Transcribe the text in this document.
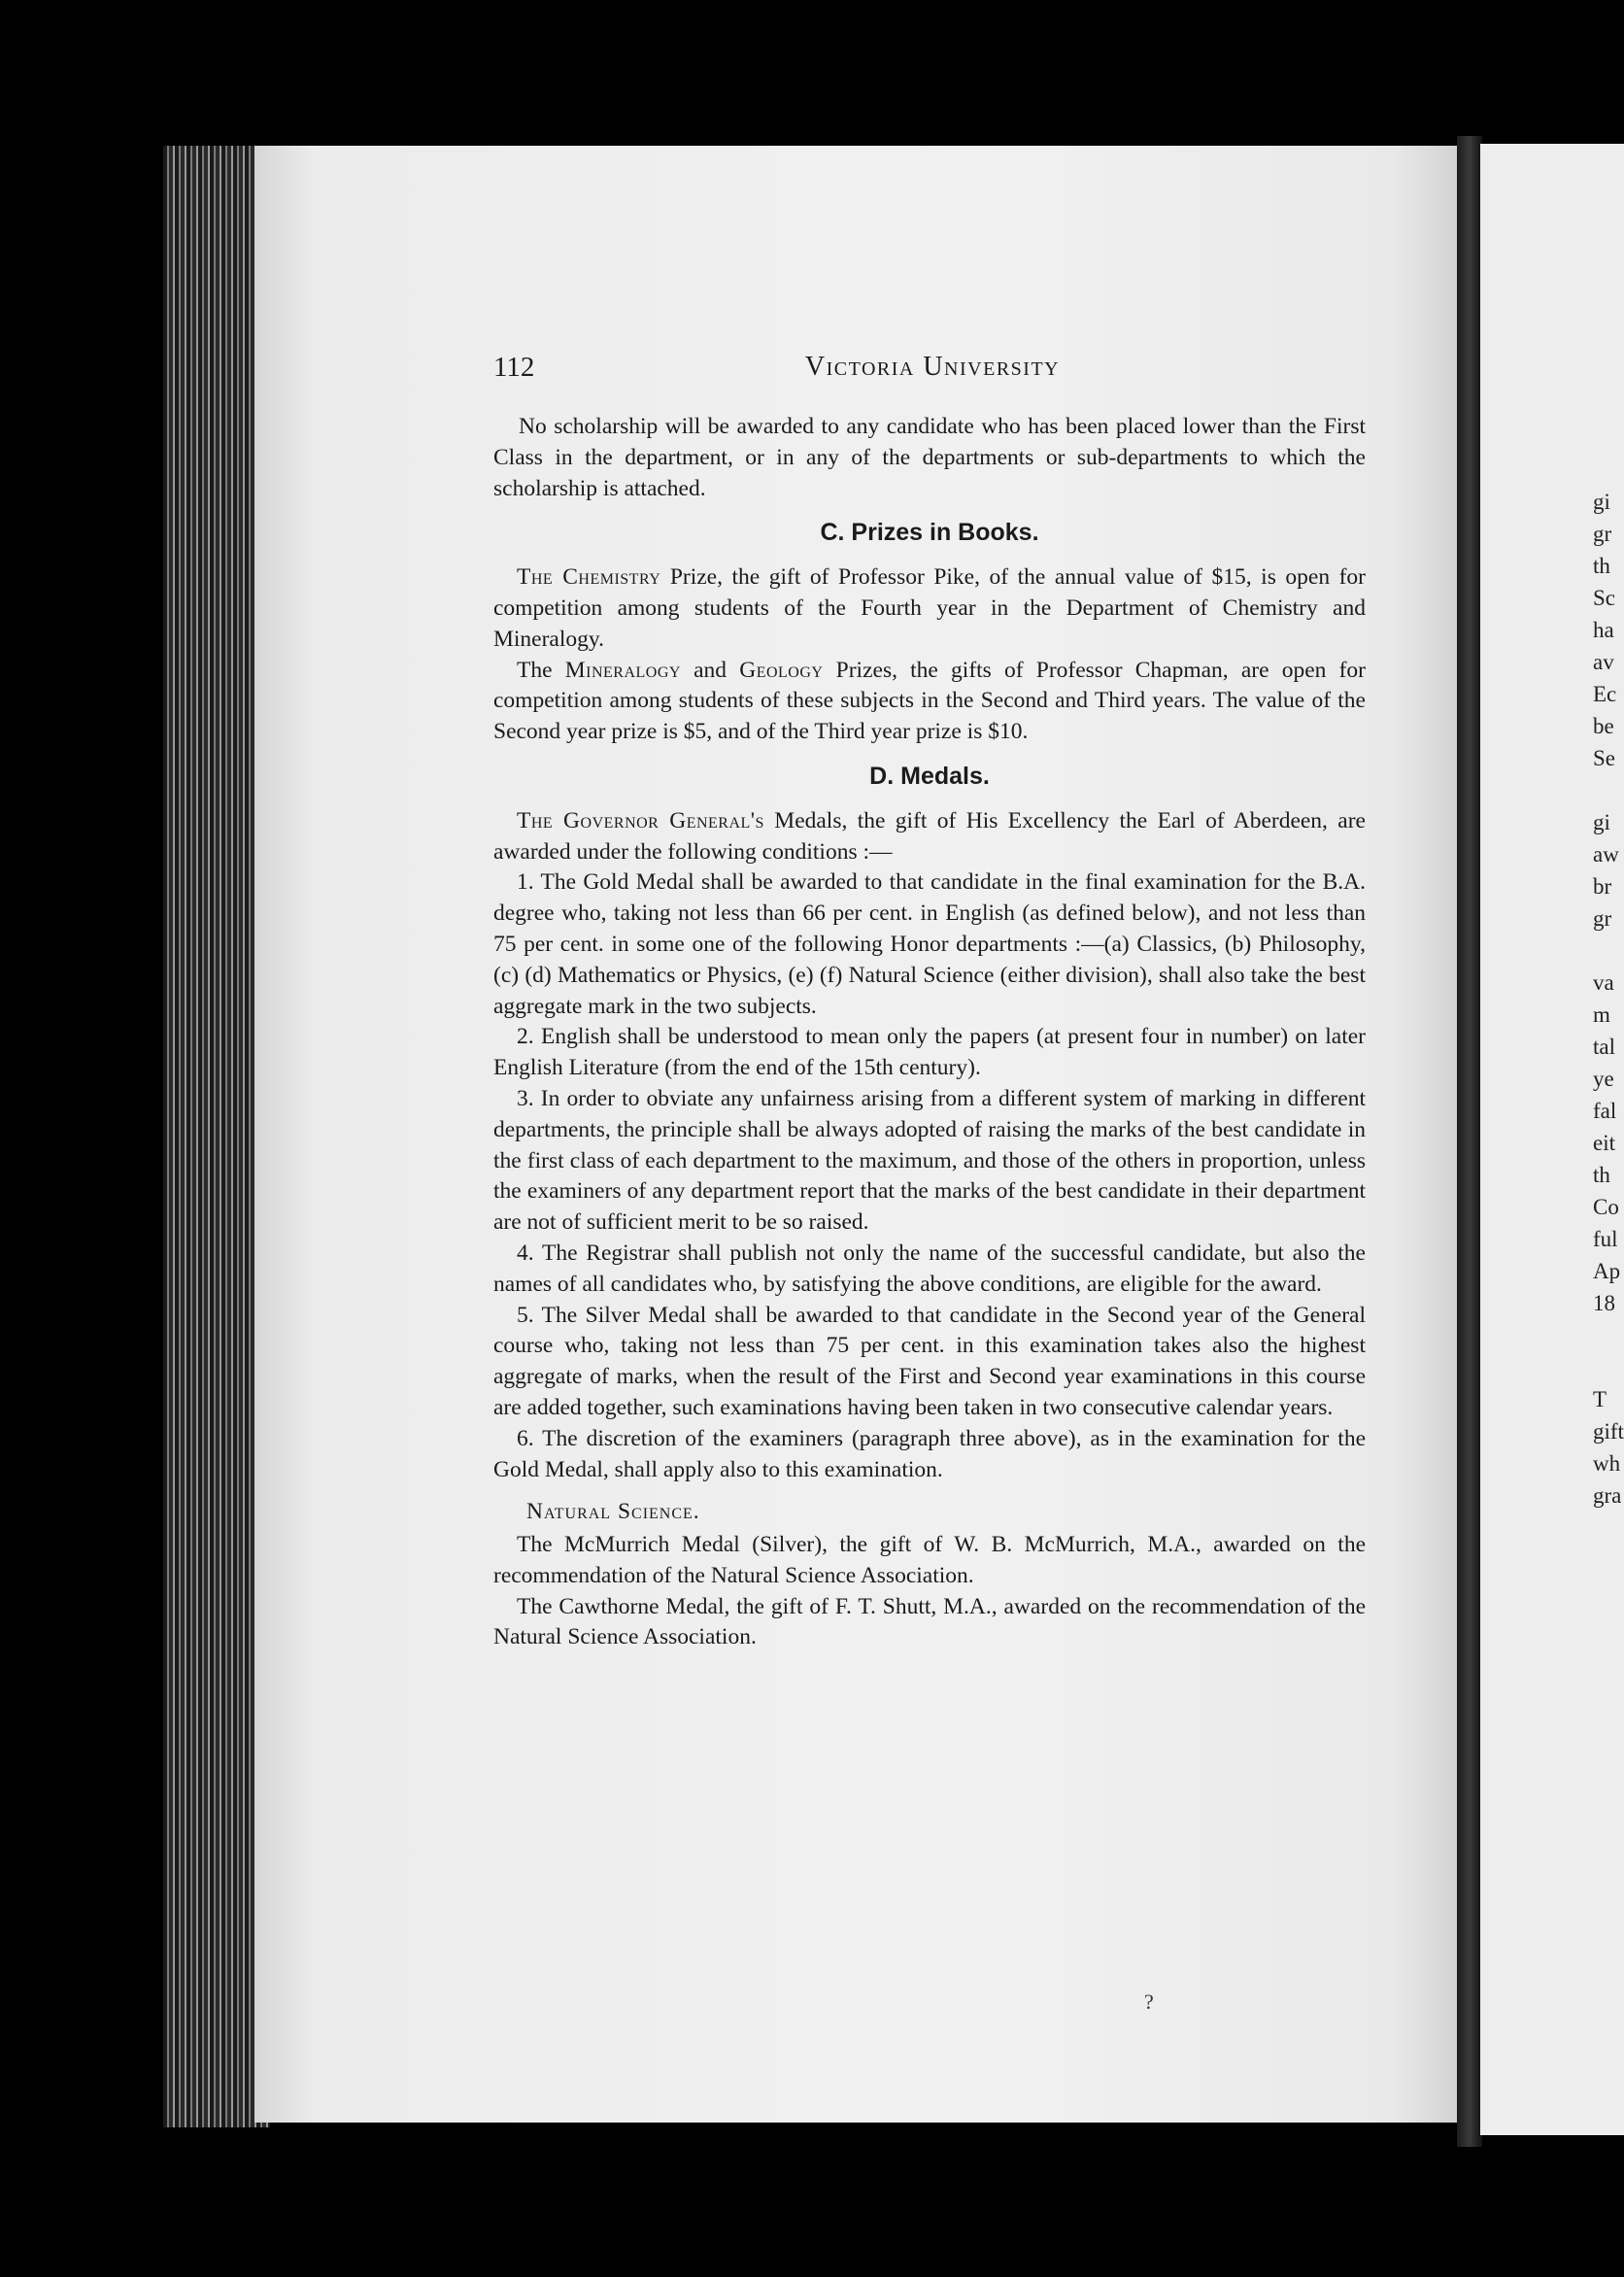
gi
gr
th
Sc
ha
av
Ec
be
Se

gi
aw
br
gr

va
m
tal
ye
fal
eit
th
Co
ful
Ap
18

T
gift
wh
gra
112	Victoria University

No scholarship will be awarded to any candidate who has been placed lower than the First Class in the department, or in any of the departments or sub-departments to which the scholarship is attached.

C. Prizes in Books.

The Chemistry Prize, the gift of Professor Pike, of the annual value of $15, is open for competition among students of the Fourth year in the Department of Chemistry and Mineralogy.

The Mineralogy and Geology Prizes, the gifts of Professor Chapman, are open for competition among students of these subjects in the Second and Third years. The value of the Second year prize is $5, and of the Third year prize is $10.

D. Medals.

The Governor General's Medals, the gift of His Excellency the Earl of Aberdeen, are awarded under the following conditions :—

1. The Gold Medal shall be awarded to that candidate in the final examination for the B.A. degree who, taking not less than 66 per cent. in English (as defined below), and not less than 75 per cent. in some one of the following Honor departments :—(a) Classics, (b) Philosophy, (c) (d) Mathematics or Physics, (e) (f) Natural Science (either division), shall also take the best aggregate mark in the two subjects.

2. English shall be understood to mean only the papers (at present four in number) on later English Literature (from the end of the 15th century).

3. In order to obviate any unfairness arising from a different system of marking in different departments, the principle shall be always adopted of raising the marks of the best candidate in the first class of each department to the maximum, and those of the others in proportion, unless the examiners of any department report that the marks of the best candidate in their department are not of sufficient merit to be so raised.

4. The Registrar shall publish not only the name of the successful candidate, but also the names of all candidates who, by satisfying the above conditions, are eligible for the award.

5. The Silver Medal shall be awarded to that candidate in the Second year of the General course who, taking not less than 75 per cent. in this examination takes also the highest aggregate of marks, when the result of the First and Second year examinations in this course are added together, such examinations having been taken in two consecutive calendar years.

6. The discretion of the examiners (paragraph three above), as in the examination for the Gold Medal, shall apply also to this examination.

Natural Science.

The McMurrich Medal (Silver), the gift of W. B. McMurrich, M.A., awarded on the recommendation of the Natural Science Association.

The Cawthorne Medal, the gift of F. T. Shutt, M.A., awarded on the recommendation of the Natural Science Association.

?
